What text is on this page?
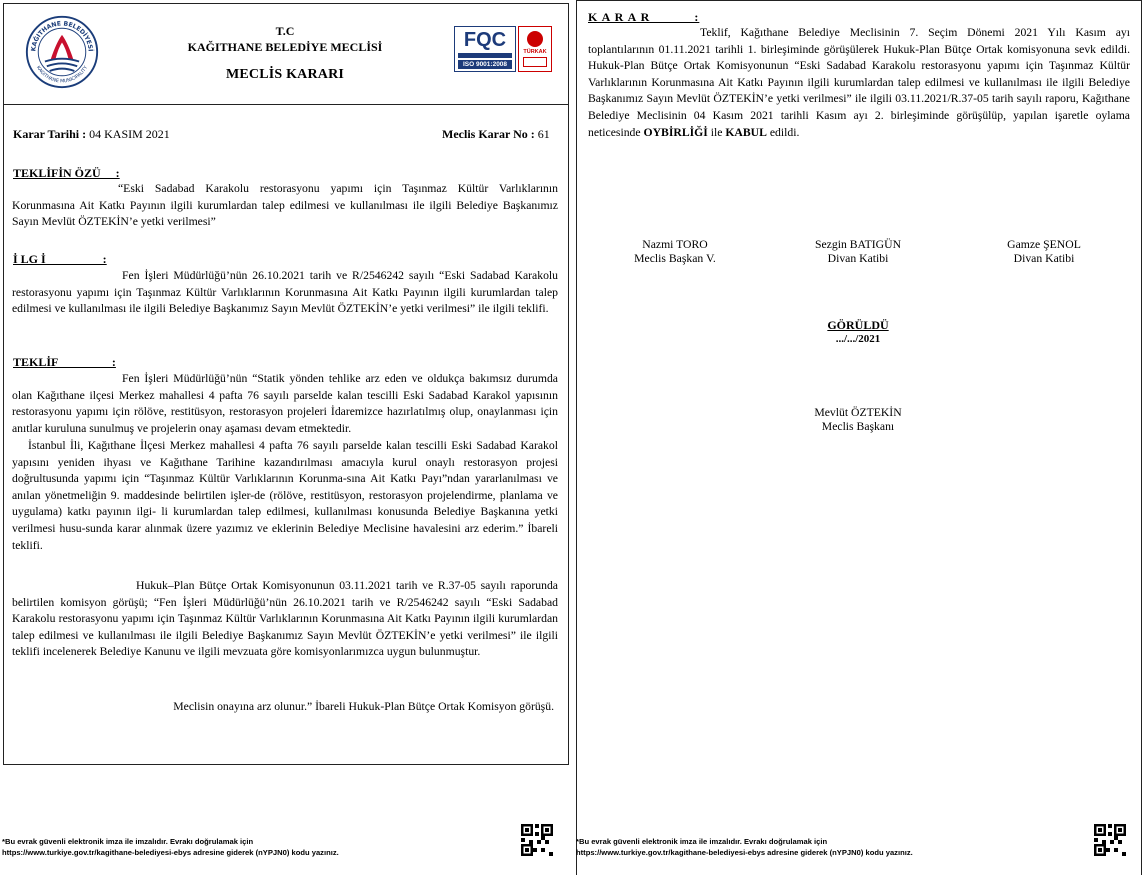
KAĞITHANE BELEDİYESİ
KAGITHANE MUNICIPALITY
T.C
KAĞITHANE BELEDİYE MECLİSİ
MECLİS KARARI
FQC
ISO 9001:2008
TÜRKAK
Karar Tarihi : 04 KASIM 2021	Meclis Karar No : 61
TEKLİFİN ÖZÜ     :
“Eski Sadabad Karakolu restorasyonu yapımı için Taşınmaz Kültür Varlıklarının Korunmasına Ait Katkı Payının ilgili kurumlardan talep edilmesi ve kullanılması ile ilgili Belediye Başkanımız Sayın Mevlüt ÖZTEKİN’e yetki verilmesi”
İ LG İ                   :
Fen İşleri Müdürlüğü’nün 26.10.2021 tarih ve R/2546242 sayılı “Eski Sadabad Karakolu restorasyonu yapımı için Taşınmaz Kültür Varlıklarının Korunmasına Ait Katkı Payının ilgili kurumlardan talep edilmesi ve kullanılması ile ilgili Belediye Başkanımız Sayın Mevlüt ÖZTEKİN’e yetki verilmesi” ile ilgili teklifi.
TEKLİF                  :
Fen İşleri Müdürlüğü’nün “Statik yönden tehlike arz eden ve oldukça bakımsız durumda olan Kağıthane ilçesi Merkez mahallesi 4 pafta 76 sayılı parselde kalan tescilli Eski Sadabad Karakol yapısının restorasyonu yapımı için rölöve, restitüsyon, restorasyon projeleri İdaremizce hazırlatılmış olup, onaylanması için anıtlar kuruluna sunulmuş ve projelerin onay aşaması devam etmektedir.
İstanbul İli, Kağıthane İlçesi Merkez mahallesi 4 pafta 76 sayılı parselde kalan tescilli Eski Sadabad Karakol yapısını yeniden ihyası ve Kağıthane Tarihine kazandırılması amacıyla kurul onaylı restorasyon projesi doğrultusunda yapımı için “Taşınmaz Kültür Varlıklarının Korunma-sına Ait Katkı Payı”ndan yararlanılması ve anılan yönetmeliğin 9. maddesinde belirtilen işler-de (rölöve, restitüsyon, restorasyon projelendirme, planlama ve uygulama) katkı payının ilgi- li kurumlardan talep edilmesi, kullanılması konusunda Belediye Başkanına yetki verilmesi husu-sunda karar alınmak üzere yazımız ve eklerinin Belediye Meclisine havalesini arz ederim.” İbareli teklifi.
Hukuk–Plan Bütçe Ortak Komisyonunun 03.11.2021 tarih ve R.37-05 sayılı raporunda belirtilen komisyon görüşü; “Fen İşleri Müdürlüğü’nün 26.10.2021 tarih ve R/2546242 sayılı “Eski Sadabad Karakolu restorasyonu yapımı için Taşınmaz Kültür Varlıklarının Korunmasına Ait Katkı Payının ilgili kurumlardan talep edilmesi ve kullanılması ile ilgili Belediye Başkanımız Sayın Mevlüt ÖZTEKİN’e yetki verilmesi” ile ilgili teklifi incelenerek Belediye Kanunu ve ilgili mevzuata göre komisyonlarımızca uygun bulunmuştur.
Meclisin onayına arz olunur.” İbareli Hukuk-Plan Bütçe Ortak Komisyon görüşü.
*Bu evrak güvenli elektronik imza ile imzalıdır. Evrakı doğrulamak için
https://www.turkiye.gov.tr/kagithane-belediyesi-ebys adresine giderek (nYPJN0) kodu yazınız.
K A R A R           :
Teklif, Kağıthane Belediye Meclisinin 7. Seçim Dönemi 2021 Yılı Kasım ayı toplantılarının 01.11.2021 tarihli 1. birleşiminde görüşülerek Hukuk-Plan Bütçe Ortak komisyonuna sevk edildi. Hukuk-Plan Bütçe Ortak Komisyonunun “Eski Sadabad Karakolu restorasyonu yapımı için Taşınmaz Kültür Varlıklarının Korunmasına Ait Katkı Payının ilgili kurumlardan talep edilmesi ve kullanılması ile ilgili Belediye Başkanımız Sayın Mevlüt ÖZTEKİN’e yetki verilmesi” ile ilgili 03.11.2021/R.37-05 tarih sayılı raporu, Kağıthane Belediye Meclisinin 04 Kasım 2021 tarihli Kasım ayı 2. birleşiminde görüşülüp, yapılan işaretle oylama neticesinde OYBİRLİĞİ ile KABUL edildi.
Nazmi TORO
Meclis Başkan V.
Sezgin BATIGÜN
Divan Katibi
Gamze ŞENOL
Divan Katibi
GÖRÜLDÜ
.../.../2021
Mevlüt ÖZTEKİN
Meclis Başkanı
*Bu evrak güvenli elektronik imza ile imzalıdır. Evrakı doğrulamak için
https://www.turkiye.gov.tr/kagithane-belediyesi-ebys adresine giderek (nYPJN0) kodu yazınız.
